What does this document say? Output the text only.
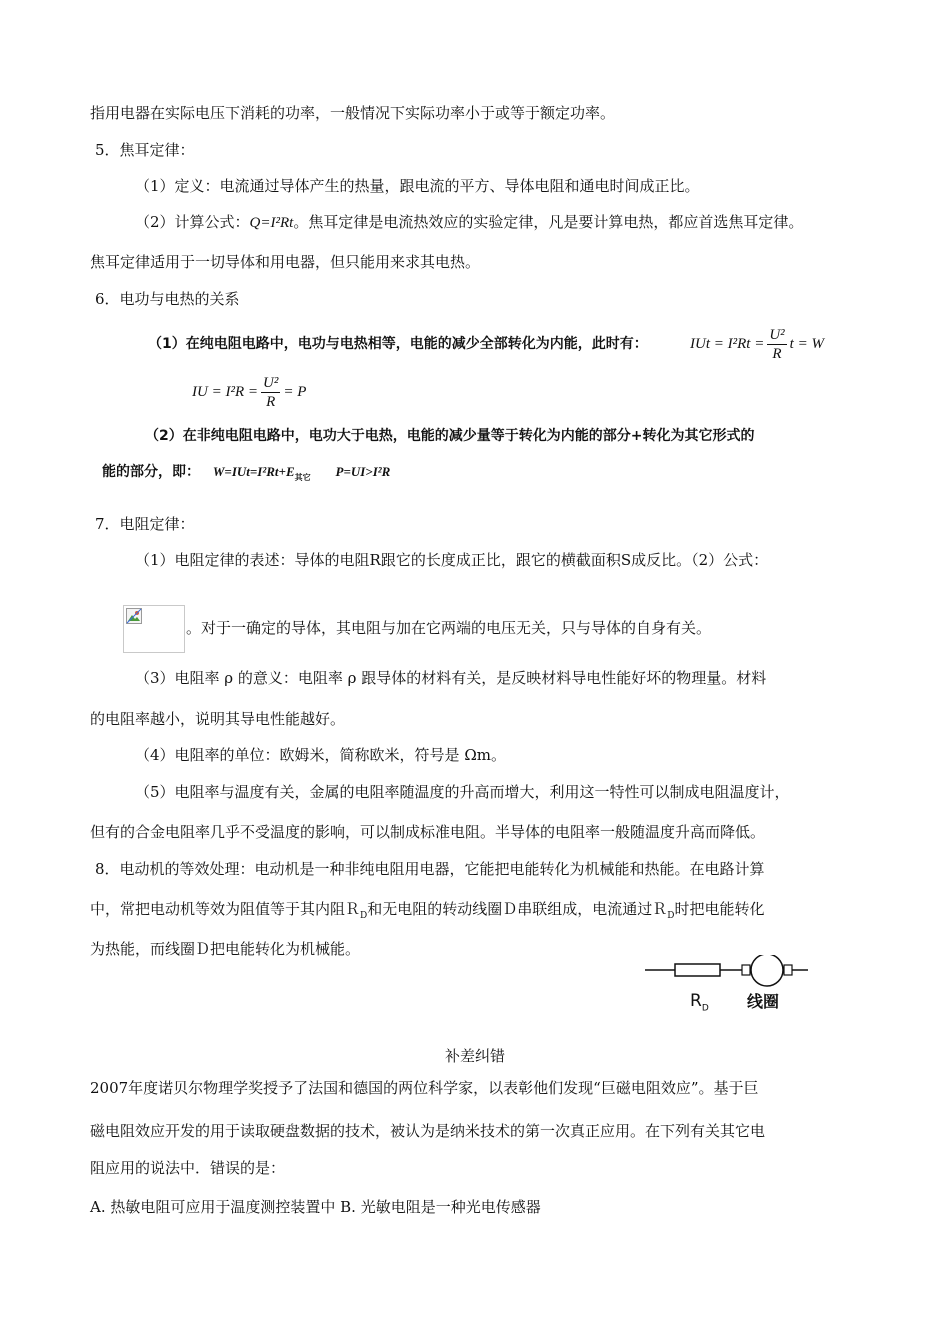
指用电器在实际电压下消耗的功率，一般情况下实际功率小于或等于额定功率。
5．焦耳定律：
（1）定义：电流通过导体产生的热量，跟电流的平方、导体电阻和通电时间成正比。
（2）计算公式：Q=I²Rt。焦耳定律是电流热效应的实验定律，凡是要计算电热，都应首选焦耳定律。
焦耳定律适用于一切导体和用电器，但只能用来求其电热。
6．电功与电热的关系
（1）在纯电阻电路中，电功与电热相等，电能的减少全部转化为内能，此时有：	IUt = $I^2Rt = \frac{\text{U²}}{R}$ t = W
IU = $I^2R = \frac{\text{U²}}{R} = P$
（2）在非纯电阻电路中，电功大于电热，电能的减少量等于转化为内能的部分+转化为其它形式的
能的部分，即： $W=IUt=I^2Rt+E_{其它}$ P=UI>I²R
7．电阻定律：
（1）电阻定律的表述：导体的电阻R跟它的长度成正比，跟它的横截面积S成反比。（2）公式：
。对于一确定的导体，其电阻与加在它两端的电压无关，只与导体的自身有关。
（3）电阻率 ρ 的意义：电阻率 ρ 跟导体的材料有关，是反映材料导电性能好坏的物理量。材料
的电阻率越小，说明其导电性能越好。
（4）电阻率的单位：欧姆米，简称欧米，符号是 Ωm。
（5）电阻率与温度有关，金属的电阻率随温度的升高而增大，利用这一特性可以制成电阻温度计，
但有的合金电阻率几乎不受温度的影响，可以制成标准电阻。半导体的电阻率一般随温度升高而降低。
8．电动机的等效处理：电动机是一种非纯电阻用电器，它能把电能转化为机械能和热能。在电路计算
中，常把电动机等效为阻值等于其内阻Ｒ$_D$和无电阻的转动线圈Ｄ串联组成，电流通过Ｒ$_D$时把电能转化
为热能，而线圈Ｄ把电能转化为机械能。
$R_D$ 线圈
补差纠错
2007年度诺贝尔物理学奖授予了法国和德国的两位科学家，以表彰他们发现“巨磁电阻效应”。基于巨
磁电阻效应开发的用于读取硬盘数据的技术，被认为是纳米技术的第一次真正应用。在下列有关其它电
阻应用的说法中．错误的是：
A. 热敏电阻可应用于温度测控装置中 B. 光敏电阻是一种光电传感器
